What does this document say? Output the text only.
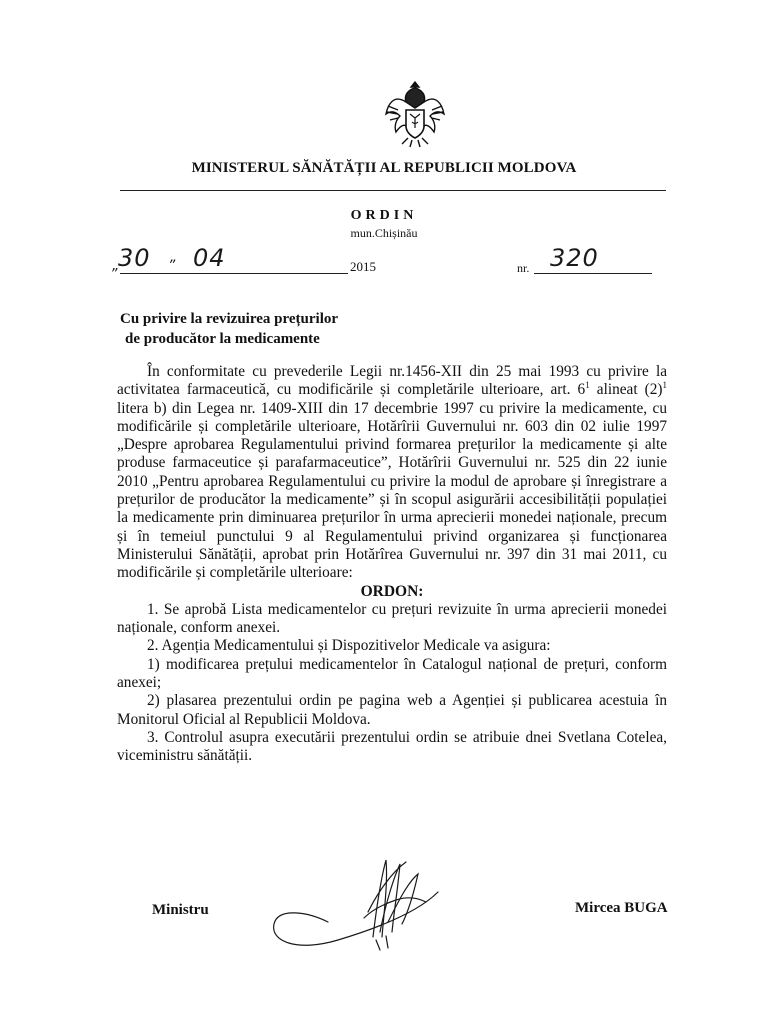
MINISTERUL SĂNĂTĂȚII AL REPUBLICII MOLDOVA
ORDIN
mun.Chișinău
„
30 ” 04	2015	nr. 320
Cu privire la revizuirea prețurilor
de producător la medicamente

În conformitate cu prevederile Legii nr.1456-XII din 25 mai 1993 cu privire la activitatea farmaceutică, cu modificările și completările ulterioare, art. $6^1$ alineat $(2)^1$ litera b) din Legea nr. 1409-XIII din 17 decembrie 1997 cu privire la medicamente, cu modificările și completările ulterioare, Hotărîrii Guvernului nr. 603 din 02 iulie 1997 „Despre aprobarea Regulamentului privind formarea prețurilor la medicamente și alte produse farmaceutice și parafarmaceutice”, Hotărîrii Guvernului nr. 525 din 22 iunie 2010 „Pentru aprobarea Regulamentului cu privire la modul de aprobare și înregistrare a prețurilor de producător la medicamente” și în scopul asigurării accesibilității populației la medicamente prin diminuarea prețurilor în urma aprecierii monedei naționale, precum și în temeiul punctului 9 al Regulamentului privind organizarea și funcționarea Ministerului Sănătății, aprobat prin Hotărîrea Guvernului nr. 397 din 31 mai 2011, cu modificările și completările ulterioare:

ORDON:

1. Se aprobă Lista medicamentelor cu prețuri revizuite în urma aprecierii monedei naționale, conform anexei.

2. Agenția Medicamentului și Dispozitivelor Medicale va asigura:

1) modificarea prețului medicamentelor în Catalogul național de prețuri, conform anexei;

2) plasarea prezentului ordin pe pagina web a Agenției și publicarea acestuia în Monitorul Oficial al Republicii Moldova.

3. Controlul asupra executării prezentului ordin se atribuie dnei Svetlana Cotelea, viceministru sănătății.

Ministru	Mircea BUGA
